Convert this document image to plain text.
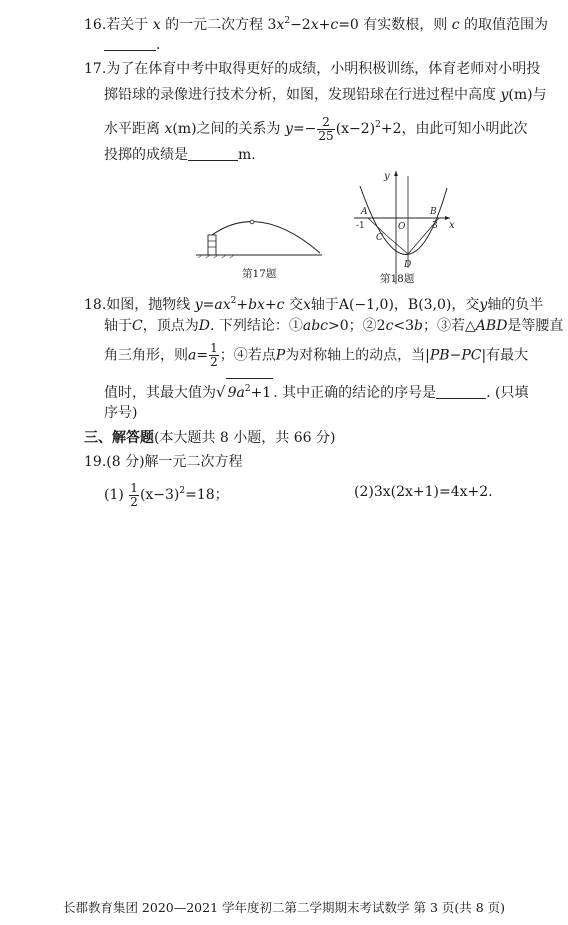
16.若关于 x 的一元二次方程 $3x^2-2x+c=0$ 有实数根，则 c 的取值范围为
.
17.为了在体育中考中取得更好的成绩，小明积极训练，体育老师对小明投
掷铅球的录像进行技术分析，如图，发现铅球在行进过程中高度 y(m)与
水平距离 x(m)之间的关系为 $y=- \frac{2}{25} (x-2)^2+2$，由此可知小明此次
投掷的成绩是	m.
第17题
y
x
A	B
O
C
D
-1	3
第18题
18.如图，抛物线 $y=ax^2+bx+c$ 交x轴于A(−1,0)，B(3,0)，交y轴的负半
轴于C，顶点为D. 下列结论：①abc>0；②2c<3b；③若△ABD是等腰直
角三角形，则$a= \frac{1}{2}$ ；④若点P为对称轴上的动点，当|PB−PC|有最大
值时，其最大值为√ $9a^2+1$ . 其中正确的结论的序号是	. (只填
序号)
三、解答题(本大题共 8 小题，共 66 分)
19.(8 分)解一元二次方程
$(1) \frac{1}{2} (x-3)^2=18$；	(2)3x(2x+1)=4x+2.
长郡教育集团 2020—2021 学年度初二第二学期期末考试数学 第 3 页(共 8 页)
